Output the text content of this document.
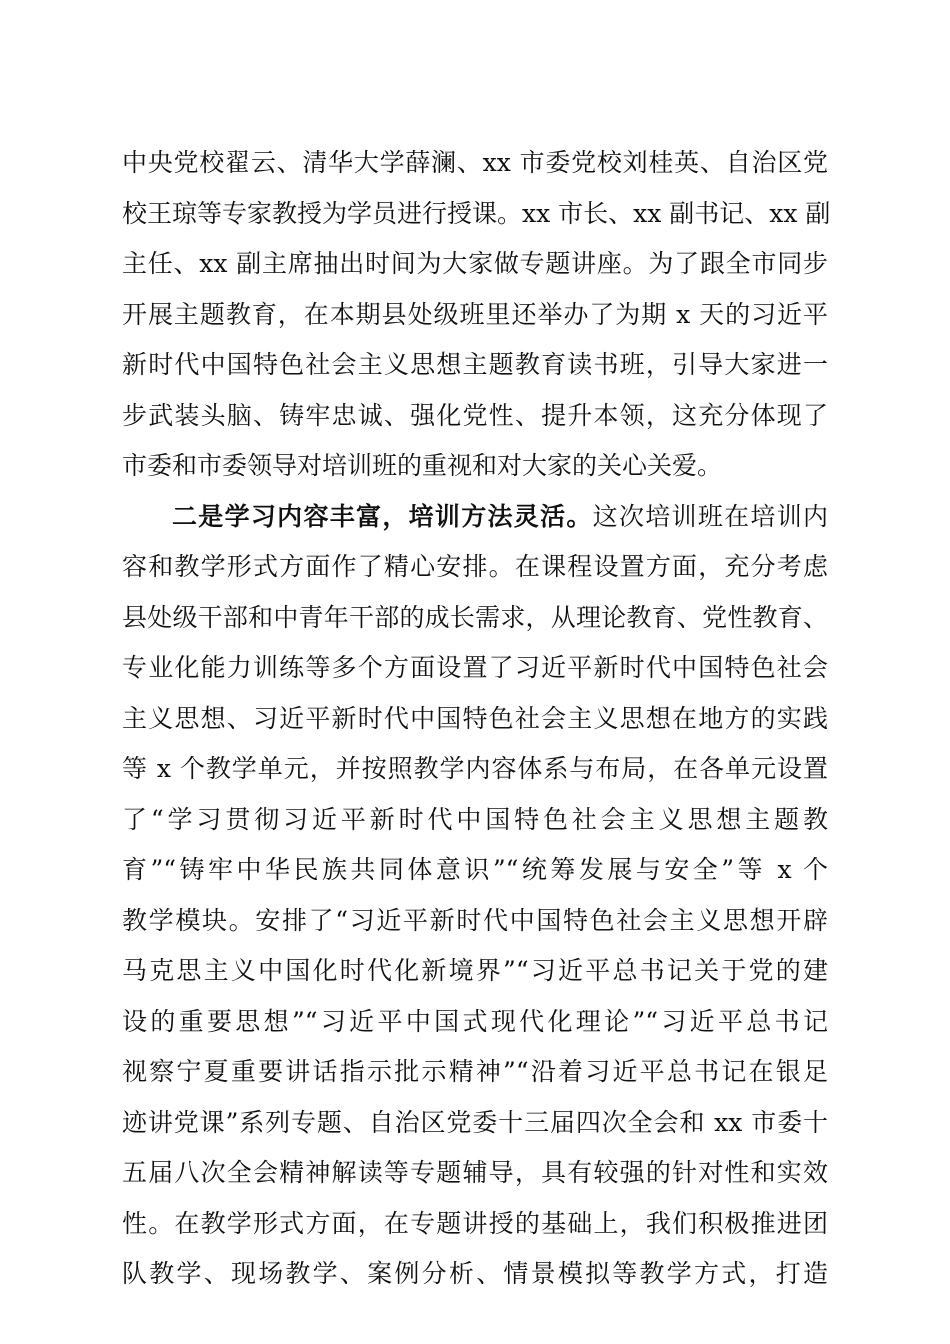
中央党校翟云、清华大学薛澜、xx 市委党校刘桂英、自治区党
校王琼等专家教授为学员进行授课。xx 市长、xx 副书记、xx 副
主任、xx 副主席抽出时间为大家做专题讲座。为了跟全市同步
开展主题教育，在本期县处级班里还举办了为期 x 天的习近平
新时代中国特色社会主义思想主题教育读书班，引导大家进一
步武装头脑、铸牢忠诚、强化党性、提升本领，这充分体现了
市委和市委领导对培训班的重视和对大家的关心关爱。

二是学习内容丰富，培训方法灵活。这次培训班在培训内
容和教学形式方面作了精心安排。在课程设置方面，充分考虑
县处级干部和中青年干部的成长需求，从理论教育、党性教育、
专业化能力训练等多个方面设置了习近平新时代中国特色社会
主义思想、习近平新时代中国特色社会主义思想在地方的实践
等 x 个教学单元，并按照教学内容体系与布局，在各单元设置
了“学习贯彻习近平新时代中国特色社会主义思想主题教
育”“铸牢中华民族共同体意识”“统筹发展与安全”等 x 个
教学模块。安排了“习近平新时代中国特色社会主义思想开辟
马克思主义中国化时代化新境界”“习近平总书记关于党的建
设的重要思想”“习近平中国式现代化理论”“习近平总书记
视察宁夏重要讲话指示批示精神”“沿着习近平总书记在银足
迹讲党课”系列专题、自治区党委十三届四次全会和 xx 市委十
五届八次全会精神解读等专题辅导，具有较强的针对性和实效
性。在教学形式方面，在专题讲授的基础上，我们积极推进团
队教学、现场教学、案例分析、情景模拟等教学方式，打造
